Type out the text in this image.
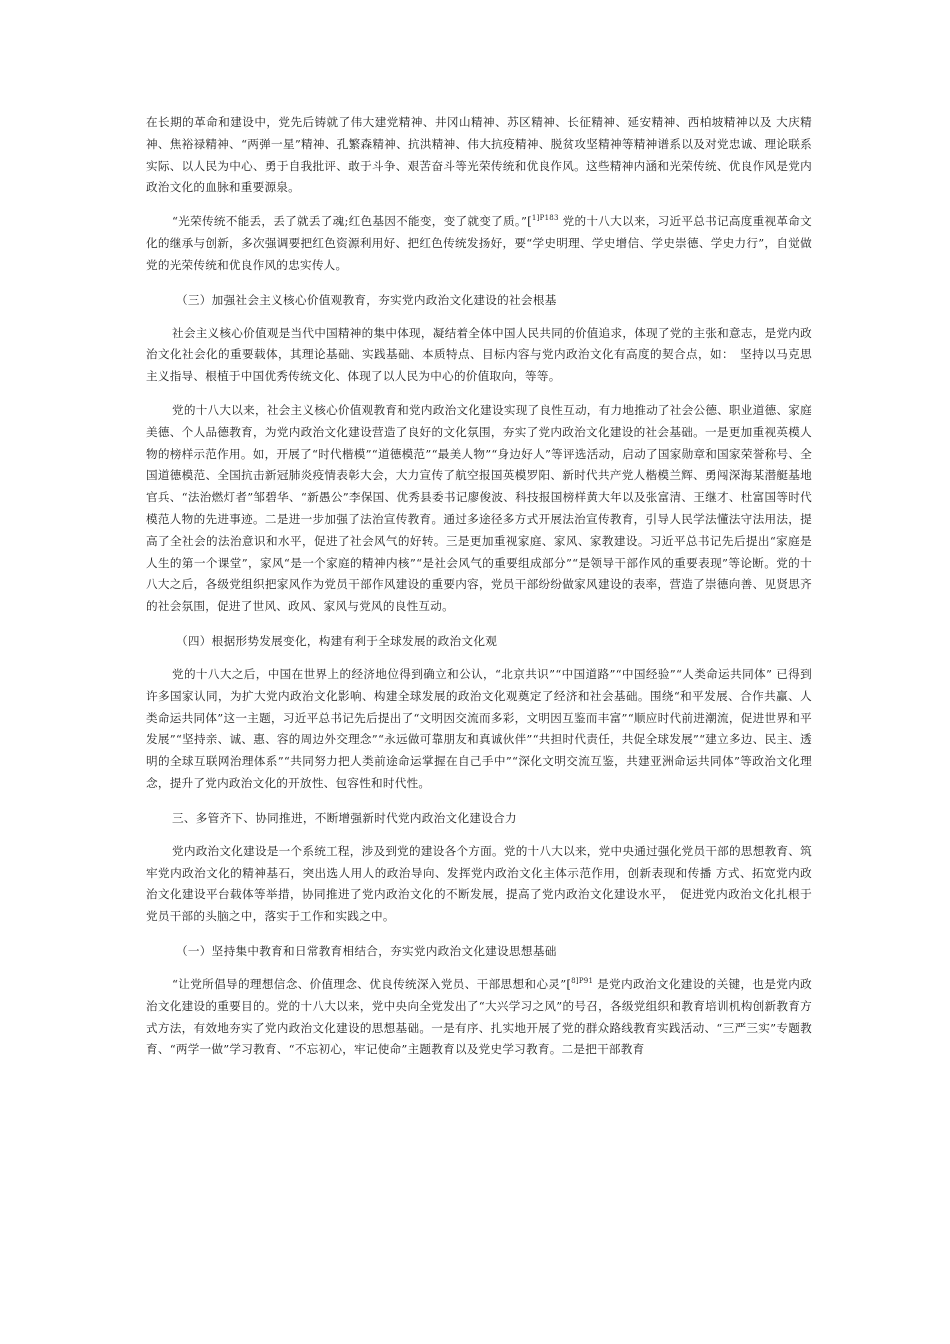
在长期的革命和建设中，党先后铸就了伟大建党精神、井冈山精神、苏区精神、长征精神、延安精神、西柏坡精神以及 大庆精神、焦裕禄精神、“两弹一星”精神、孔繁森精神、抗洪精神、伟大抗疫精神、脱贫攻坚精神等精神谱系以及对党忠诚、理论联系实际、以人民为中心、勇于自我批评、敢于斗争、艰苦奋斗等光荣传统和优良作风。这些精神内涵和光荣传统、优良作风是党内政治文化的血脉和重要源泉。

“光荣传统不能丢，丢了就丢了魂;红色基因不能变，变了就变了质。”[$^{1]P183}$ 党的十八大以来，习近平总书记高度重视革命文化的继承与创新，多次强调要把红色资源利用好、把红色传统发扬好，要“学史明理、学史增信、学史崇德、学史力行”，自觉做党的光荣传统和优良作风的忠实传人。

（三）加强社会主义核心价值观教育，夯实党内政治文化建设的社会根基

社会主义核心价值观是当代中国精神的集中体现，凝结着全体中国人民共同的价值追求，体现了党的主张和意志，是党内政治文化社会化的重要载体，其理论基础、实践基础、本质特点、目标内容与党内政治文化有高度的契合点，如：　坚持以马克思主义指导、根植于中国优秀传统文化、体现了以人民为中心的价值取向，等等。

党的十八大以来，社会主义核心价值观教育和党内政治文化建设实现了良性互动，有力地推动了社会公德、职业道德、家庭美德、个人品德教育，为党内政治文化建设营造了良好的文化氛围，夯实了党内政治文化建设的社会基础。一是更加重视英模人物的榜样示范作用。如，开展了“时代楷模”“道德模范”“最美人物”“身边好人”等评选活动，启动了国家勋章和国家荣誉称号、全国道德模范、全国抗击新冠肺炎疫情表彰大会，大力宣传了航空报国英模罗阳、新时代共产党人楷模兰辉、勇闯深海某潜艇基地官兵、“法治燃灯者”邹碧华、“新愚公”李保国、优秀县委书记廖俊波、科技报国榜样黄大年以及张富清、王继才、杜富国等时代模范人物的先进事迹。二是进一步加强了法治宣传教育。通过多途径多方式开展法治宣传教育，引导人民学法懂法守法用法，提高了全社会的法治意识和水平，促进了社会风气的好转。三是更加重视家庭、家风、家教建设。习近平总书记先后提出“家庭是人生的第一个课堂”，家风“是一个家庭的精神内核”“是社会风气的重要组成部分”“是领导干部作风的重要表现”等论断。党的十八大之后，各级党组织把家风作为党员干部作风建设的重要内容，党员干部纷纷做家风建设的表率，营造了崇德向善、见贤思齐的社会氛围，促进了世风、政风、家风与党风的良性互动。

（四）根据形势发展变化，构建有利于全球发展的政治文化观

党的十八大之后，中国在世界上的经济地位得到确立和公认，“北京共识”“中国道路”“中国经验”“人类命运共同体” 已得到许多国家认同，为扩大党内政治文化影响、构建全球发展的政治文化观奠定了经济和社会基础。围绕“和平发展、合作共赢、人类命运共同体”这一主题，习近平总书记先后提出了“文明因交流而多彩，文明因互鉴而丰富”“顺应时代前进潮流，促进世界和平发展”“坚持亲、诚、惠、容的周边外交理念”“永远做可靠朋友和真诚伙伴”“共担时代责任，共促全球发展”“建立多边、民主、透明的全球互联网治理体系”“共同努力把人类前途命运掌握在自己手中”“深化文明交流互鉴，共建亚洲命运共同体”等政治文化理念，提升了党内政治文化的开放性、包容性和时代性。

三、多管齐下、协同推进，不断增强新时代党内政治文化建设合力

党内政治文化建设是一个系统工程，涉及到党的建设各个方面。党的十八大以来，党中央通过强化党员干部的思想教育、筑牢党内政治文化的精神基石，突出选人用人的政治导向、发挥党内政治文化主体示范作用，创新表现和传播 方式、拓宽党内政治文化建设平台载体等举措，协同推进了党内政治文化的不断发展，提高了党内政治文化建设水平，　促进党内政治文化扎根于党员干部的头脑之中，落实于工作和实践之中。

（一）坚持集中教育和日常教育相结合，夯实党内政治文化建设思想基础

“让党所倡导的理想信念、价值理念、优良传统深入党员、干部思想和心灵”[$^{8]P91}$ 是党内政治文化建设的关键，也是党内政治文化建设的重要目的。党的十八大以来，党中央向全党发出了“大兴学习之风”的号召，各级党组织和教育培训机构创新教育方式方法，有效地夯实了党内政治文化建设的思想基础。一是有序、扎实地开展了党的群众路线教育实践活动、“三严三实”专题教育、“两学一做”学习教育、“不忘初心，牢记使命”主题教育以及党史学习教育。二是把干部教育
